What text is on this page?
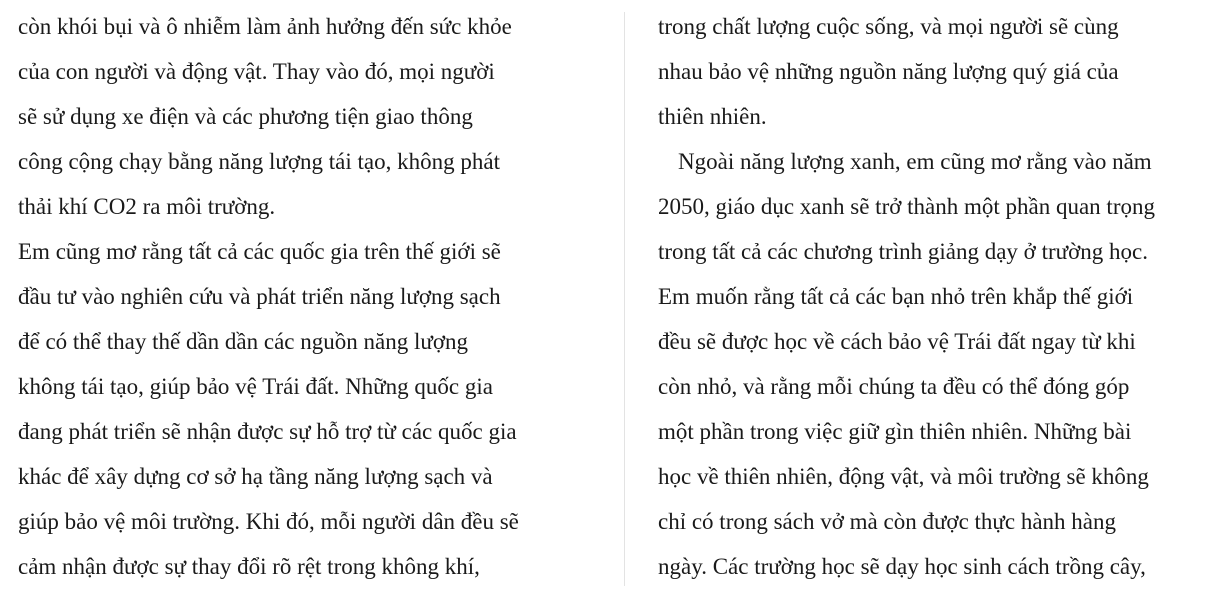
còn khói bụi và ô nhiễm làm ảnh hưởng đến sức khỏe
của con người và động vật. Thay vào đó, mọi người
sẽ sử dụng xe điện và các phương tiện giao thông
công cộng chạy bằng năng lượng tái tạo, không phát
thải khí CO2 ra môi trường.
Em cũng mơ rằng tất cả các quốc gia trên thế giới sẽ
đầu tư vào nghiên cứu và phát triển năng lượng sạch
để có thể thay thế dần dần các nguồn năng lượng
không tái tạo, giúp bảo vệ Trái đất. Những quốc gia
đang phát triển sẽ nhận được sự hỗ trợ từ các quốc gia
khác để xây dựng cơ sở hạ tầng năng lượng sạch và
giúp bảo vệ môi trường. Khi đó, mỗi người dân đều sẽ
cảm nhận được sự thay đổi rõ rệt trong không khí,
trong chất lượng cuộc sống, và mọi người sẽ cùng
nhau bảo vệ những nguồn năng lượng quý giá của
thiên nhiên.
Ngoài năng lượng xanh, em cũng mơ rằng vào năm
2050, giáo dục xanh sẽ trở thành một phần quan trọng
trong tất cả các chương trình giảng dạy ở trường học.
Em muốn rằng tất cả các bạn nhỏ trên khắp thế giới
đều sẽ được học về cách bảo vệ Trái đất ngay từ khi
còn nhỏ, và rằng mỗi chúng ta đều có thể đóng góp
một phần trong việc giữ gìn thiên nhiên. Những bài
học về thiên nhiên, động vật, và môi trường sẽ không
chỉ có trong sách vở mà còn được thực hành hàng
ngày. Các trường học sẽ dạy học sinh cách trồng cây,
